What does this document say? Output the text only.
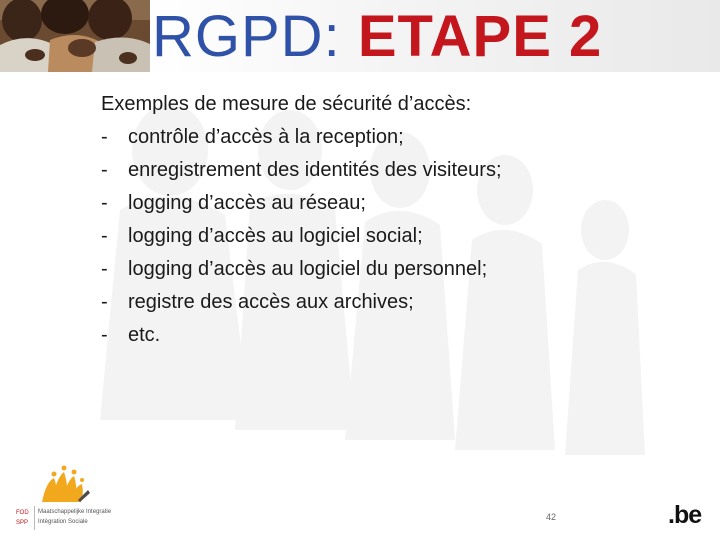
RGPD: ETAPE 2
Exemples de mesure de sécurité d’accès:
- contrôle d’accès à la reception;
- enregistrement des identités des visiteurs;
- logging d’accès au réseau;
- logging d’accès au logiciel social;
- logging d’accès au logiciel du personnel;
- registre des accès aux archives;
- etc.
FOD
SPP
Maatschappelijke Integratie
Intégration Sociale	42	.be
